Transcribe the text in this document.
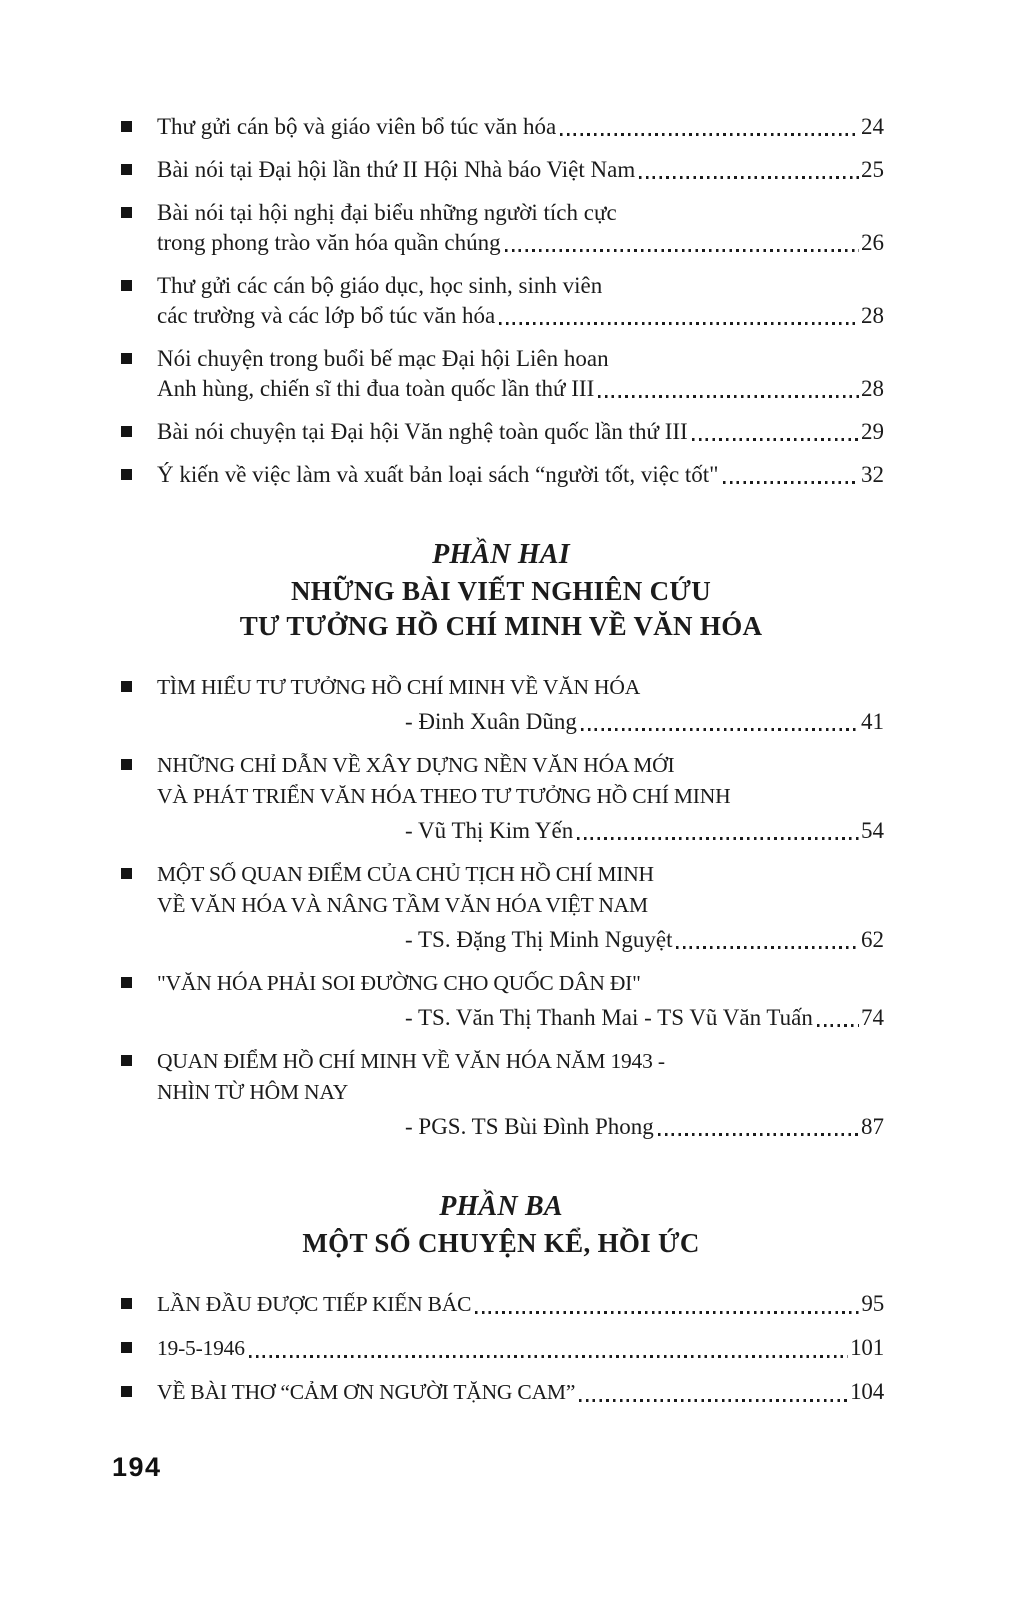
Thư gửi cán bộ và giáo viên bổ túc văn hóa	24
Bài nói tại Đại hội lần thứ II Hội Nhà báo Việt Nam	25
Bài nói tại hội nghị đại biểu những người tích cực
trong phong trào văn hóa quần chúng	26
Thư gửi các cán bộ giáo dục, học sinh, sinh viên
các trường và các lớp bổ túc văn hóa	28
Nói chuyện trong buổi bế mạc Đại hội Liên hoan
Anh hùng, chiến sĩ thi đua toàn quốc lần thứ III	28
Bài nói chuyện tại Đại hội Văn nghệ toàn quốc lần thứ III	29
Ý kiến về việc làm và xuất bản loại sách “người tốt, việc tốt"	32
PHẦN HAI
NHỮNG BÀI VIẾT NGHIÊN CỨU
TƯ TƯỞNG HỒ CHÍ MINH VỀ VĂN HÓA
TÌM HIỂU TƯ TƯỞNG HỒ CHÍ MINH VỀ VĂN HÓA
- Đinh Xuân Dũng	41
NHỮNG CHỈ DẪN VỀ XÂY DỰNG NỀN VĂN HÓA MỚI
VÀ PHÁT TRIỂN VĂN HÓA THEO TƯ TƯỞNG HỒ CHÍ MINH
- Vũ Thị Kim Yến	54
MỘT SỐ QUAN ĐIỂM CỦA CHỦ TỊCH HỒ CHÍ MINH
VỀ VĂN HÓA VÀ NÂNG TẦM VĂN HÓA VIỆT NAM
- TS. Đặng Thị Minh Nguyệt	62
"VĂN HÓA PHẢI SOI ĐƯỜNG CHO QUỐC DÂN ĐI"
- TS. Văn Thị Thanh Mai - TS Vũ Văn Tuấn 74
QUAN ĐIỂM HỒ CHÍ MINH VỀ VĂN HÓA NĂM 1943 -
NHÌN TỪ HÔM NAY
- PGS. TS Bùi Đình Phong	87
PHẦN BA
MỘT SỐ CHUYỆN KỂ, HỒI ỨC
LẦN ĐẦU ĐƯỢC TIẾP KIẾN BÁC	95
19-5-1946	101
VỀ BÀI THƠ “CẢM ƠN NGƯỜI TẶNG CAM”	104
194
